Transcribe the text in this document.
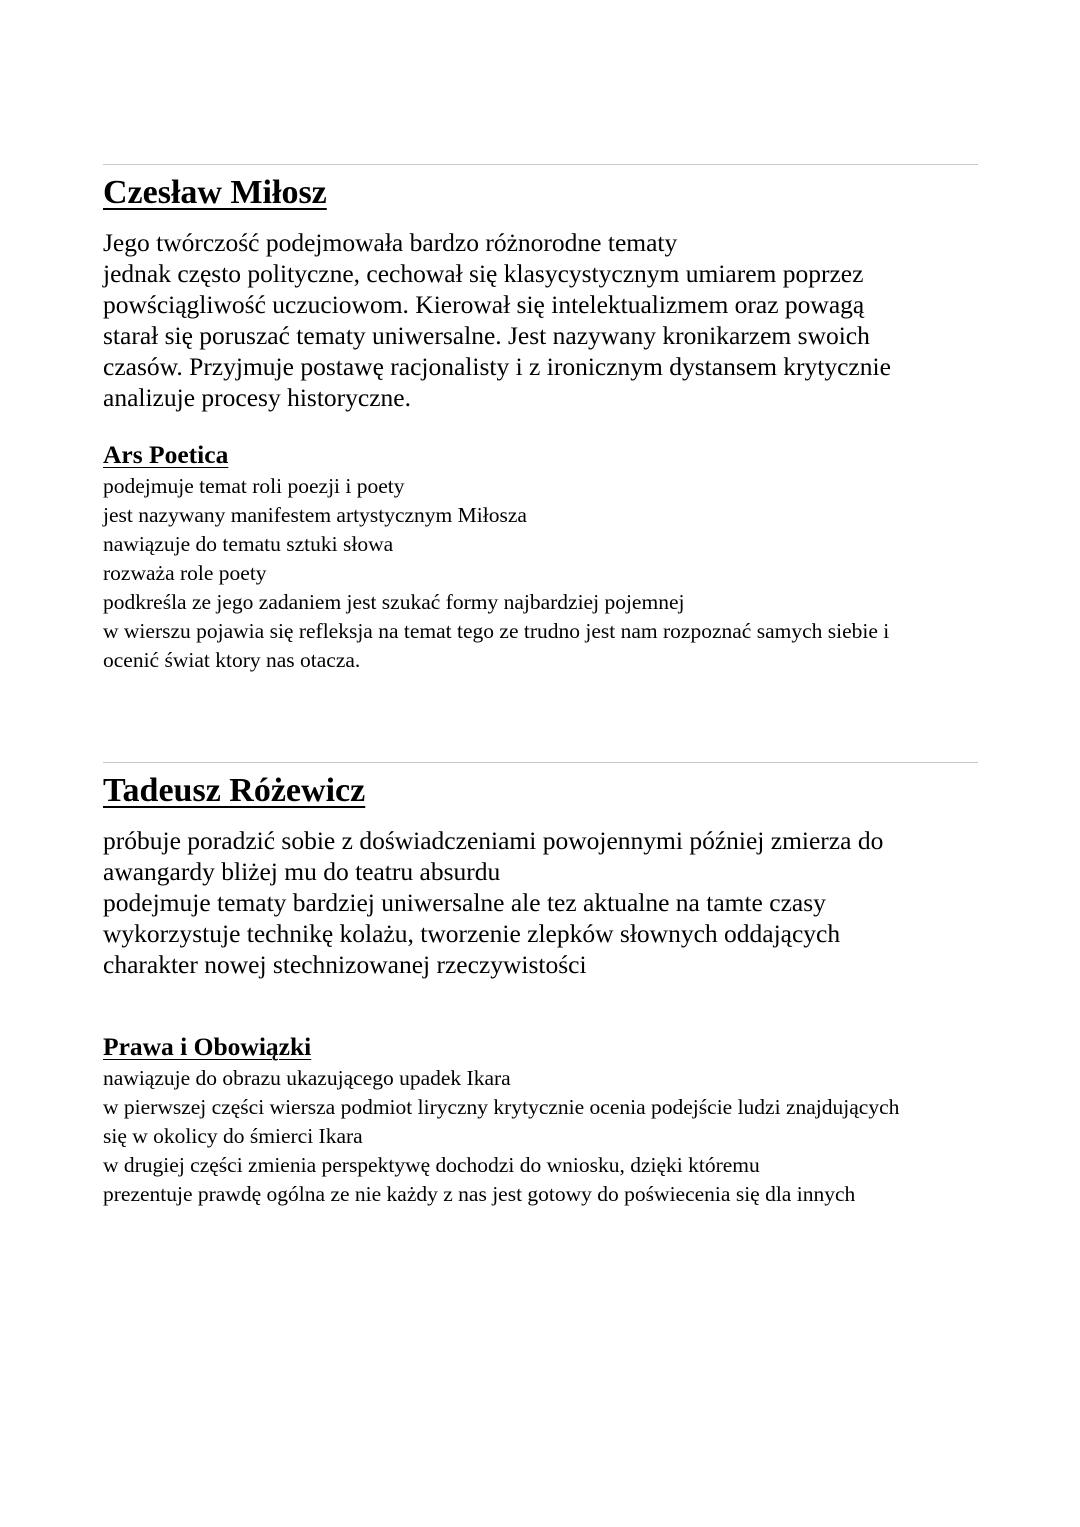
Czesław Miłosz
Jego twórczość podejmowała bardzo różnorodne tematy
jednak często polityczne, cechował się klasycystycznym umiarem poprzez
powściągliwość uczuciowom. Kierował się intelektualizmem oraz powagą
starał się poruszać tematy uniwersalne. Jest nazywany kronikarzem swoich
czasów. Przyjmuje postawę racjonalisty i z ironicznym dystansem krytycznie
analizuje procesy historyczne.
Ars Poetica
podejmuje temat roli poezji i poety
jest nazywany manifestem artystycznym Miłosza
nawiązuje do tematu sztuki słowa
rozważa role poety
podkreśla ze jego zadaniem jest szukać formy najbardziej pojemnej
w wierszu pojawia się refleksja na temat tego ze trudno jest nam rozpoznać samych siebie i
ocenić świat ktory nas otacza.
Tadeusz Różewicz
próbuje poradzić sobie z doświadczeniami powojennymi później zmierza do
awangardy bliżej mu do teatru absurdu
podejmuje tematy bardziej uniwersalne ale tez aktualne na tamte czasy
wykorzystuje technikę kolażu, tworzenie zlepków słownych oddających
charakter nowej stechnizowanej rzeczywistości
Prawa i Obowiązki
nawiązuje do obrazu ukazującego upadek Ikara
w pierwszej części wiersza podmiot liryczny krytycznie ocenia podejście ludzi znajdujących
się w okolicy do śmierci Ikara
w drugiej części zmienia perspektywę dochodzi do wniosku, dzięki któremu
prezentuje prawdę ogólna ze nie każdy z nas jest gotowy do poświecenia się dla innych
